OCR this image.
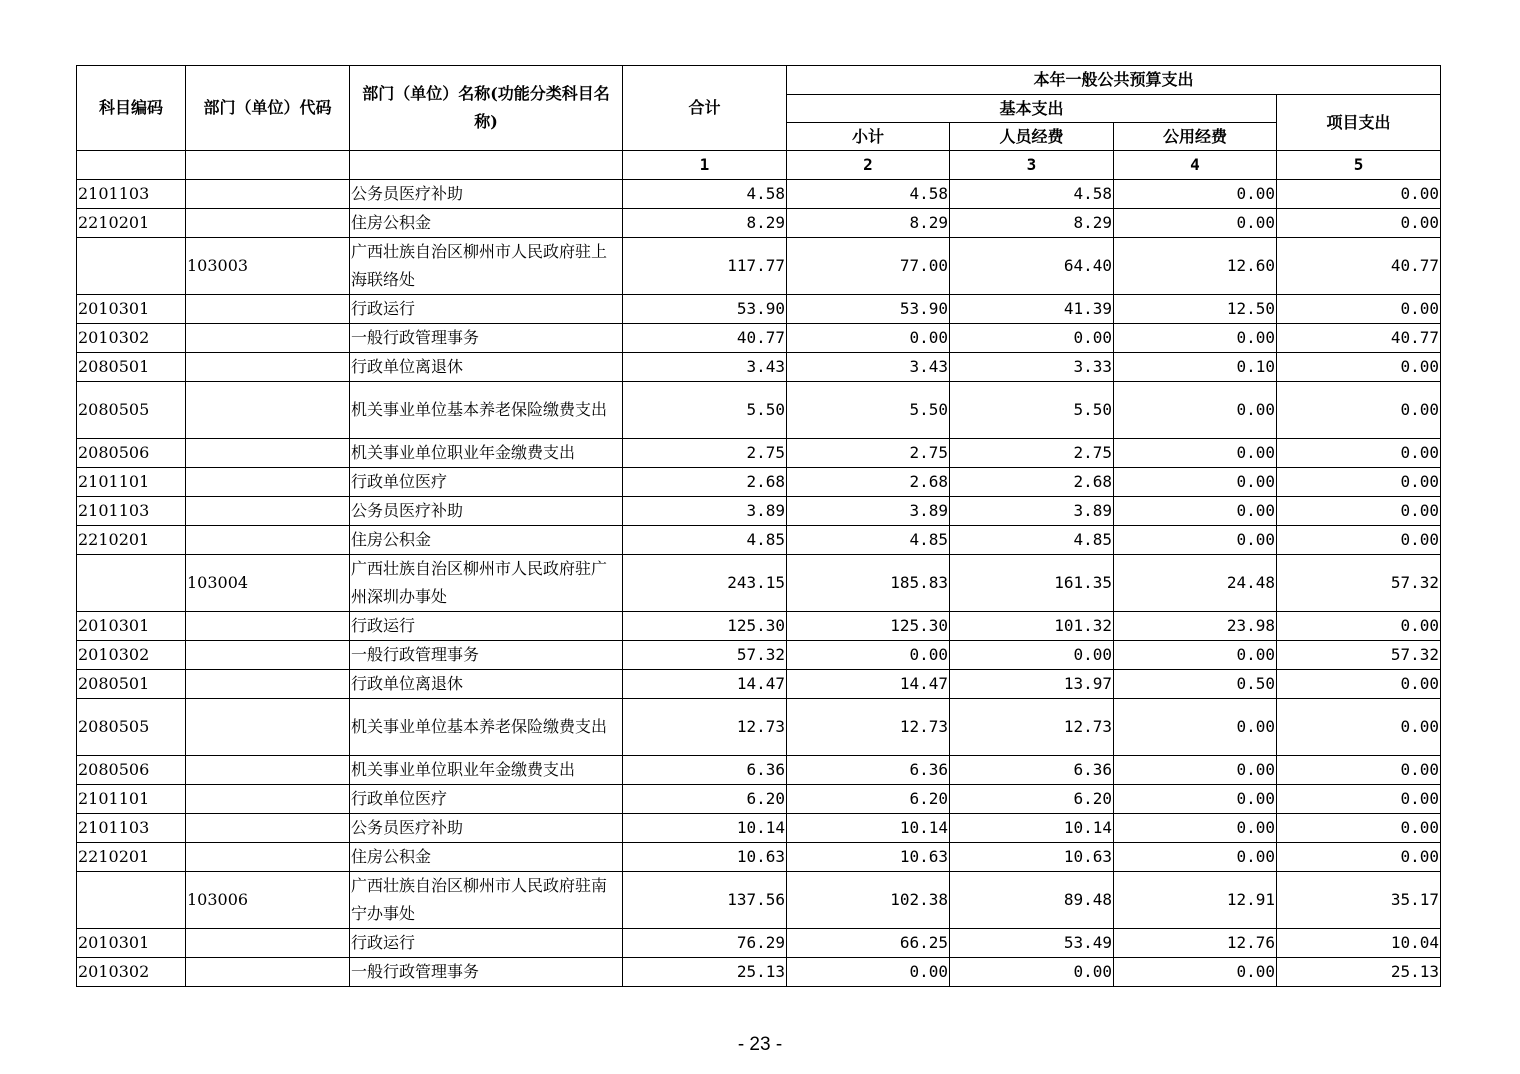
科目编码	部门（单位）代码	部门（单位）名称(功能分类科目名称)	合计	本年一般公共预算支出			
				基本支出			项目支出
				小计	人员经费	公用经费	
			1	2	3	4	5
2101103		公务员医疗补助	4.58	4.58	4.58	0.00	0.00
2210201		住房公积金	8.29	8.29	8.29	0.00	0.00
	103003	广西壮族自治区柳州市人民政府驻上海联络处	117.77	77.00	64.40	12.60	40.77
2010301		行政运行	53.90	53.90	41.39	12.50	0.00
2010302		一般行政管理事务	40.77	0.00	0.00	0.00	40.77
2080501		行政单位离退休	3.43	3.43	3.33	0.10	0.00
2080505		机关事业单位基本养老保险缴费支出	5.50	5.50	5.50	0.00	0.00
2080506		机关事业单位职业年金缴费支出	2.75	2.75	2.75	0.00	0.00
2101101		行政单位医疗	2.68	2.68	2.68	0.00	0.00
2101103		公务员医疗补助	3.89	3.89	3.89	0.00	0.00
2210201		住房公积金	4.85	4.85	4.85	0.00	0.00
	103004	广西壮族自治区柳州市人民政府驻广州深圳办事处	243.15	185.83	161.35	24.48	57.32
2010301		行政运行	125.30	125.30	101.32	23.98	0.00
2010302		一般行政管理事务	57.32	0.00	0.00	0.00	57.32
2080501		行政单位离退休	14.47	14.47	13.97	0.50	0.00
2080505		机关事业单位基本养老保险缴费支出	12.73	12.73	12.73	0.00	0.00
2080506		机关事业单位职业年金缴费支出	6.36	6.36	6.36	0.00	0.00
2101101		行政单位医疗	6.20	6.20	6.20	0.00	0.00
2101103		公务员医疗补助	10.14	10.14	10.14	0.00	0.00
2210201		住房公积金	10.63	10.63	10.63	0.00	0.00
	103006	广西壮族自治区柳州市人民政府驻南宁办事处	137.56	102.38	89.48	12.91	35.17
2010301		行政运行	76.29	66.25	53.49	12.76	10.04
2010302		一般行政管理事务	25.13	0.00	0.00	0.00	25.13
- 23 -
